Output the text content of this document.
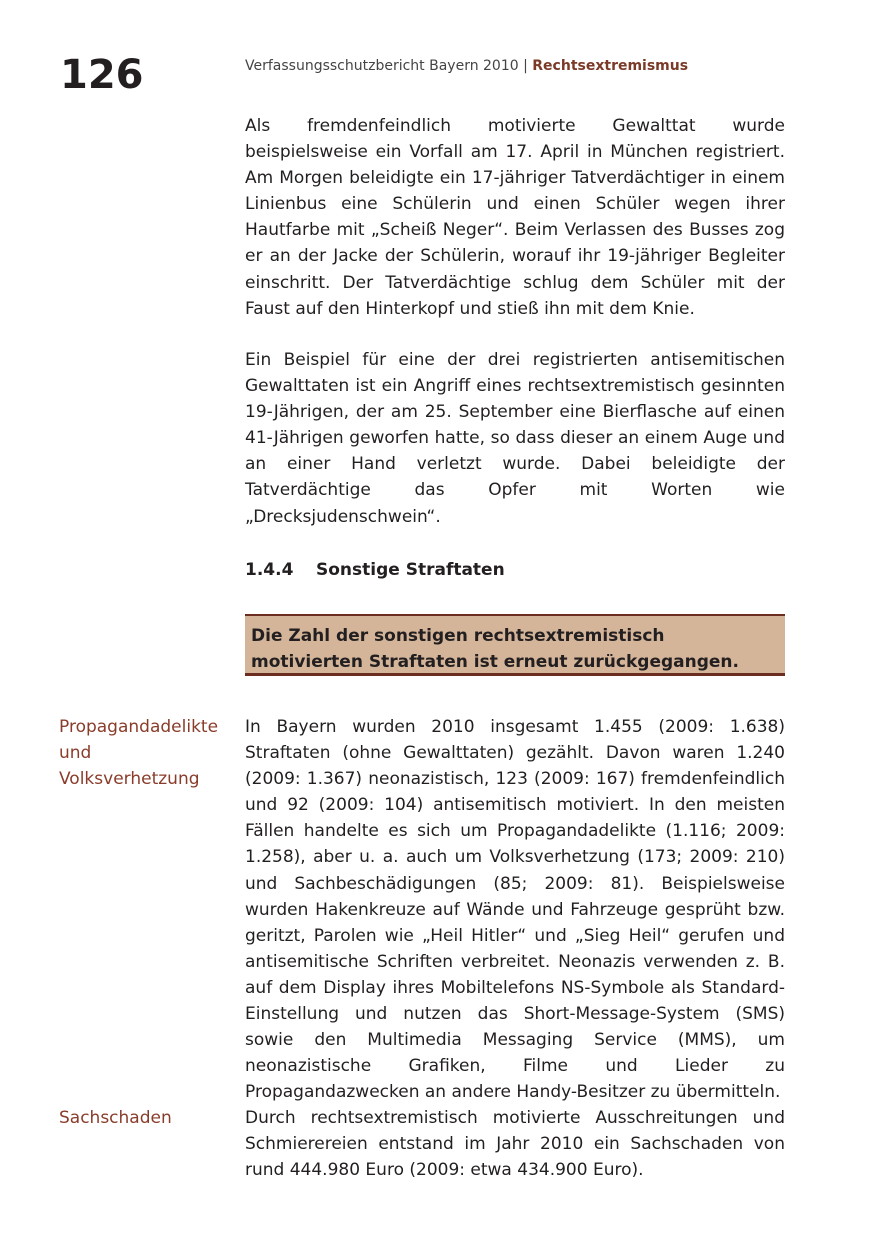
126	Verfassungsschutzbericht Bayern 2010 | Rechtsextremismus

Als fremdenfeindlich motivierte Gewalttat wurde beispielsweise ein Vorfall am 17. April in München registriert. Am Morgen beleidigte ein 17-jähriger Tatverdächtiger in einem Linienbus eine Schülerin und einen Schüler wegen ihrer Hautfarbe mit „Scheiß Neger“. Beim Verlassen des Busses zog er an der Jacke der Schülerin, worauf ihr 19-jähriger Begleiter einschritt. Der Tatverdächtige schlug dem Schüler mit der Faust auf den Hinterkopf und stieß ihn mit dem Knie.

Ein Beispiel für eine der drei registrierten antisemitischen Gewalttaten ist ein Angriff eines rechtsextremistisch gesinnten 19-Jährigen, der am 25. September eine Bierflasche auf einen 41-Jährigen geworfen hatte, so dass dieser an einem Auge und an einer Hand verletzt wurde. Dabei beleidigte der Tatverdächtige das Opfer mit Worten wie „Drecksjudenschwein“.

1.4.4 Sonstige Straftaten
Die Zahl der sonstigen rechtsextremistisch motivierten Straftaten ist erneut zurückgegangen.
Propagandadelikte
und
Volksverhetzung

In Bayern wurden 2010 insgesamt 1.455 (2009: 1.638) Straftaten (ohne Gewalttaten) gezählt. Davon waren 1.240 (2009: 1.367) neonazistisch, 123 (2009: 167) fremdenfeindlich und 92 (2009: 104) antisemitisch motiviert. In den meisten Fällen handelte es sich um Propagandadelikte (1.116; 2009: 1.258), aber u. a. auch um Volksverhetzung (173; 2009: 210) und Sachbeschädigungen (85; 2009: 81). Beispielsweise wurden Hakenkreuze auf Wände und Fahrzeuge gesprüht bzw. geritzt, Parolen wie „Heil Hitler“ und „Sieg Heil“ gerufen und antisemitische Schriften verbreitet. Neonazis verwenden z. B. auf dem Display ihres Mobiltelefons NS-Symbole als Standard-Einstellung und nutzen das Short-Message-System (SMS) sowie den Multimedia Messaging Service (MMS), um neonazistische Grafiken, Filme und Lieder zu Propagandazwecken an andere Handy-Besitzer zu übermitteln.

Sachschaden	Durch rechtsextremistisch motivierte Ausschreitungen und Schmierereien entstand im Jahr 2010 ein Sachschaden von rund 444.980 Euro (2009: etwa 434.900 Euro).
